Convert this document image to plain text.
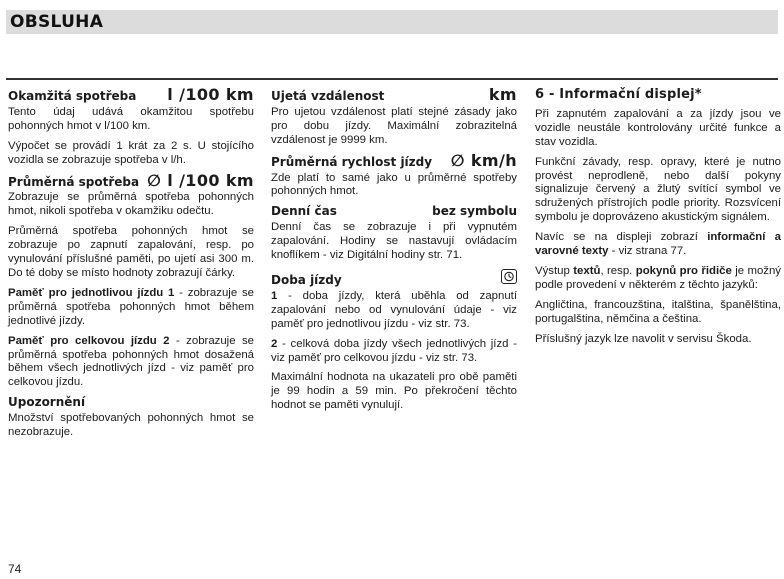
OBSLUHA
Okamžitá spotřeba l /100 km

Tento údaj udává okamžitou spotřebu pohonných hmot v l/100 km.

Výpočet se provádí 1 krát za 2 s. U stojícího vozidla se zobrazuje spotřeba v l/h.

Průměrná spotřeba ∅ l /100 km

Zobrazuje se průměrná spotřeba pohonných hmot, nikoli spotřeba v okamžiku odečtu.

Průměrná spotřeba pohonných hmot se zobrazuje po zapnutí zapalování, resp. po vynulování příslušné paměti, po ujetí asi 300 m. Do té doby se místo hodnoty zobrazují čárky.

Paměť pro jednotlivou jízdu 1 - zobrazuje se průměrná spotřeba pohonných hmot během jednotlivé jízdy.

Paměť pro celkovou jízdu 2 - zobrazuje se průměrná spotřeba pohonných hmot dosažená během všech jednotlivých jízd - viz paměť pro celkovou jízdu.

Upozornění

Množství spotřebovaných pohonných hmot se nezobrazuje.

Ujetá vzdálenost	km

Pro ujetou vzdálenost platí stejné zásady jako pro dobu jízdy. Maximální zobrazitelná vzdálenost je 9999 km.

Průměrná rychlost jízdy ∅ km/h

Zde platí to samé jako u průměrné spotřeby pohonných hmot.

Denní čas	bez symbolu

Denní čas se zobrazuje i při vypnutém zapalování. Hodiny se nastavují ovládacím knoflíkem - viz Digitální hodiny str. 71.

Doba jízdy

1 - doba jízdy, která uběhla od zapnutí zapalování nebo od vynulování údaje - viz paměť pro jednotlivou jízdu - viz str. 73.

2 - celková doba jízdy všech jednotlivých jízd - viz paměť pro celkovou jízdu - viz str. 73.

Maximální hodnota na ukazateli pro obě paměti je 99 hodin a 59 min. Po překročení těchto hodnot se paměti vynulují.

6 - Informační displej*

Při zapnutém zapalování a za jízdy jsou ve vozidle neustále kontrolovány určité funkce a stav vozidla.

Funkční závady, resp. opravy, které je nutno provést neprodleně, nebo další pokyny signalizuje červený a žlutý svítící symbol ve sdružených přístrojích podle priority. Rozsvícení symbolu je doprovázeno akustickým signálem.

Navíc se na displeji zobrazí informační a varovné texty - viz strana 77.

Výstup textů, resp. pokynů pro řidiče je možný podle provedení v některém z těchto jazyků:

Angličtina, francouzština, italština, španělština, portugalština, němčina a čeština.

Příslušný jazyk lze navolit v servisu Škoda.

74
